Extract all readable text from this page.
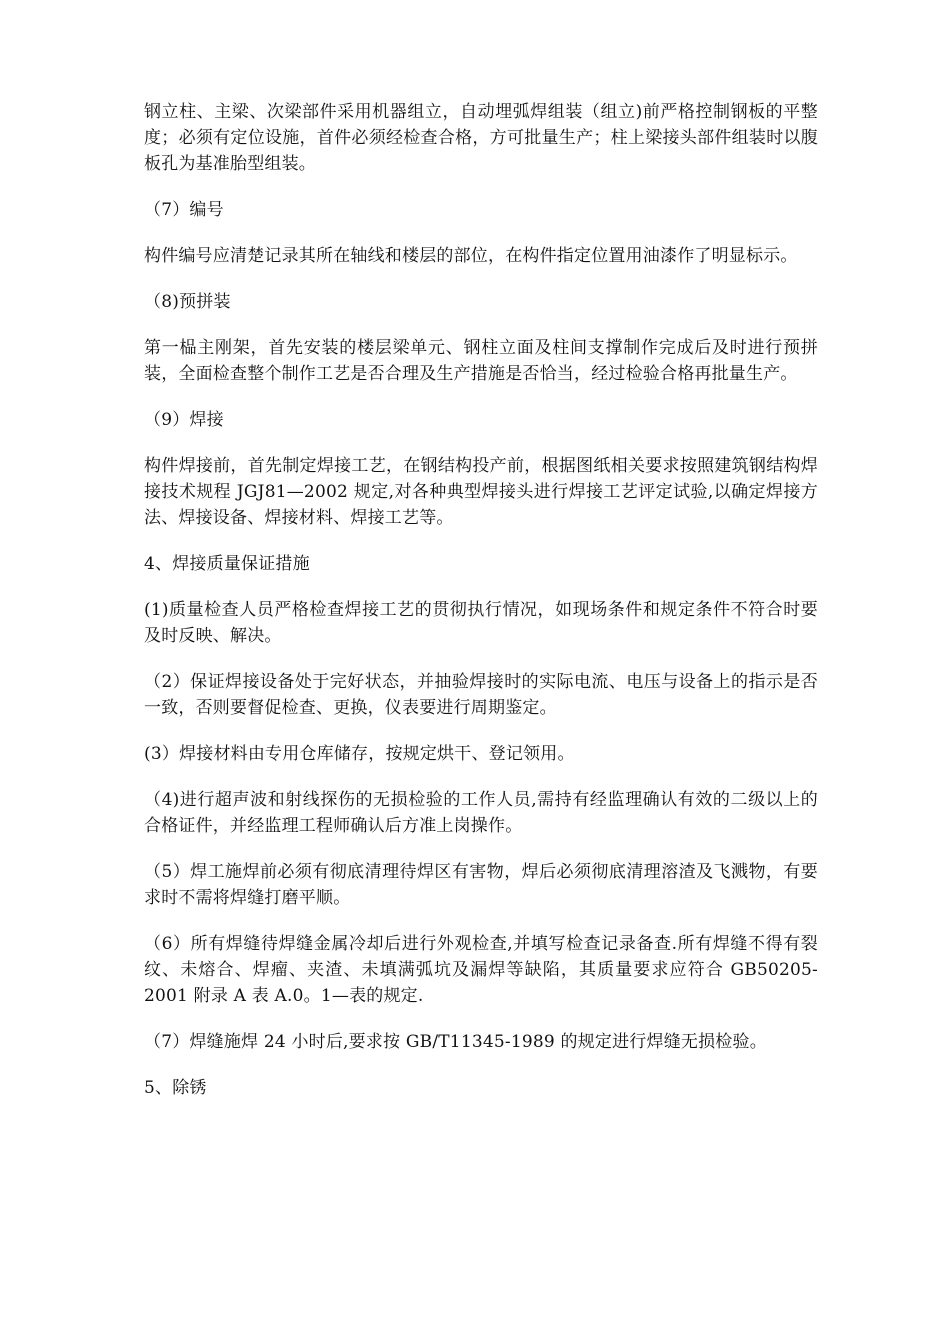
钢立柱、主梁、次梁部件采用机器组立，自动埋弧焊组装（组立)前严格控制钢板的平整度；必须有定位设施，首件必须经检查合格，方可批量生产；柱上梁接头部件组装时以腹板孔为基准胎型组装。

（7）编号

构件编号应清楚记录其所在轴线和楼层的部位，在构件指定位置用油漆作了明显标示。

（8)预拼装

第一榀主刚架，首先安装的楼层梁单元、钢柱立面及柱间支撑制作完成后及时进行预拼装，全面检查整个制作工艺是否合理及生产措施是否恰当，经过检验合格再批量生产。

（9）焊接

构件焊接前，首先制定焊接工艺，在钢结构投产前，根据图纸相关要求按照建筑钢结构焊接技术规程 JGJ81—2002 规定,对各种典型焊接头进行焊接工艺评定试验,以确定焊接方法、焊接设备、焊接材料、焊接工艺等。

4、焊接质量保证措施

(1)质量检查人员严格检查焊接工艺的贯彻执行情况，如现场条件和规定条件不符合时要及时反映、解决。

（2）保证焊接设备处于完好状态，并抽验焊接时的实际电流、电压与设备上的指示是否一致，否则要督促检查、更换，仪表要进行周期鉴定。

(3）焊接材料由专用仓库储存，按规定烘干、登记领用。

（4)进行超声波和射线探伤的无损检验的工作人员,需持有经监理确认有效的二级以上的合格证件，并经监理工程师确认后方准上岗操作。

（5）焊工施焊前必须有彻底清理待焊区有害物，焊后必须彻底清理溶渣及飞溅物，有要求时不需将焊缝打磨平顺。

（6）所有焊缝待焊缝金属冷却后进行外观检查,并填写检查记录备查.所有焊缝不得有裂纹、未熔合、焊瘤、夹渣、未填满弧坑及漏焊等缺陷，其质量要求应符合 GB50205-2001 附录 A 表 A.0。1—表的规定.

（7）焊缝施焊 24 小时后,要求按 GB/T11345-1989 的规定进行焊缝无损检验。

5、除锈
